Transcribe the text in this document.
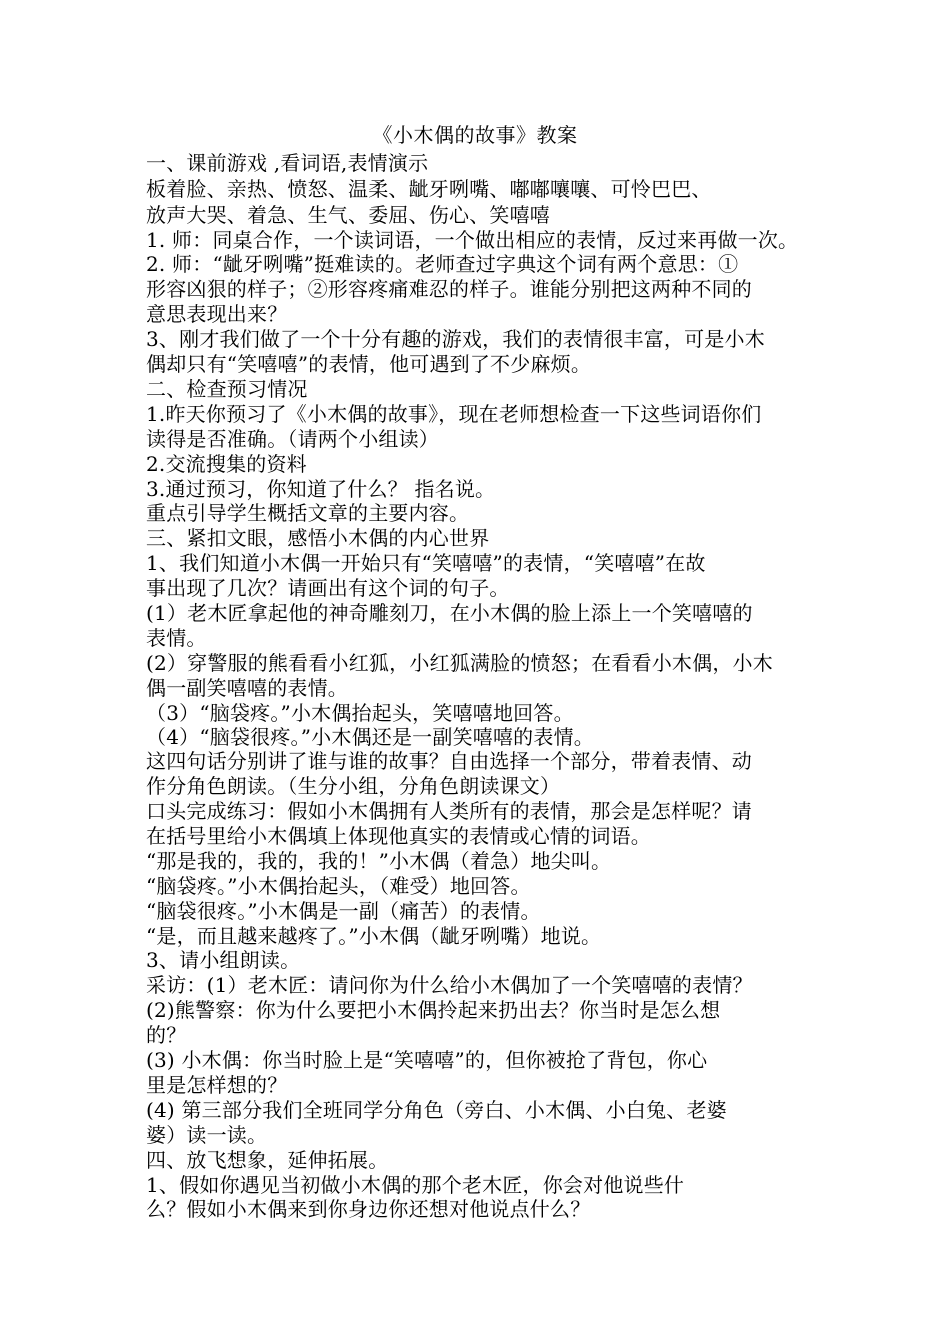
《小木偶的故事》教案
一、课前游戏 ,看词语,表情演示
板着脸、亲热、愤怒、温柔、龇牙咧嘴、嘟嘟嚷嚷、可怜巴巴、
放声大哭、着急、生气、委屈、伤心、笑嘻嘻
1. 师：同桌合作，一个读词语，一个做出相应的表情，反过来再做一次。
2. 师：“龇牙咧嘴”挺难读的。老师查过字典这个词有两个意思：①
形容凶狠的样子；②形容疼痛难忍的样子。谁能分别把这两种不同的
意思表现出来？
3、刚才我们做了一个十分有趣的游戏，我们的表情很丰富，可是小木
偶却只有“笑嘻嘻”的表情，他可遇到了不少麻烦。
二、检查预习情况
1.昨天你预习了《小木偶的故事》，现在老师想检查一下这些词语你们
读得是否准确。（请两个小组读）
2.交流搜集的资料
3.通过预习，你知道了什么？ 指名说。
重点引导学生概括文章的主要内容。
三、紧扣文眼，感悟小木偶的内心世界
1、我们知道小木偶一开始只有“笑嘻嘻”的表情，“笑嘻嘻”在故
事出现了几次？请画出有这个词的句子。
(1）老木匠拿起他的神奇雕刻刀，在小木偶的脸上添上一个笑嘻嘻的
表情。
(2）穿警服的熊看看小红狐，小红狐满脸的愤怒；在看看小木偶，小木
偶一副笑嘻嘻的表情。
（3）“脑袋疼。”小木偶抬起头，笑嘻嘻地回答。
（4）“脑袋很疼。”小木偶还是一副笑嘻嘻的表情。
这四句话分别讲了谁与谁的故事？自由选择一个部分，带着表情、动
作分角色朗读。（生分小组，分角色朗读课文）
口头完成练习：假如小木偶拥有人类所有的表情，那会是怎样呢？请
在括号里给小木偶填上体现他真实的表情或心情的词语。
“那是我的，我的，我的！”小木偶（着急）地尖叫。
“脑袋疼。”小木偶抬起头，（难受）地回答。
“脑袋很疼。”小木偶是一副（痛苦）的表情。
“是，而且越来越疼了。”小木偶（龇牙咧嘴）地说。
3、请小组朗读。
采访：(1）老木匠：请问你为什么给小木偶加了一个笑嘻嘻的表情？
(2)熊警察：你为什么要把小木偶拎起来扔出去？你当时是怎么想
的？
(3) 小木偶：你当时脸上是“笑嘻嘻”的，但你被抢了背包，你心
里是怎样想的？
(4) 第三部分我们全班同学分角色（旁白、小木偶、小白兔、老婆
婆）读一读。
四、放飞想象，延伸拓展。
1、假如你遇见当初做小木偶的那个老木匠，你会对他说些什
么？假如小木偶来到你身边你还想对他说点什么？
